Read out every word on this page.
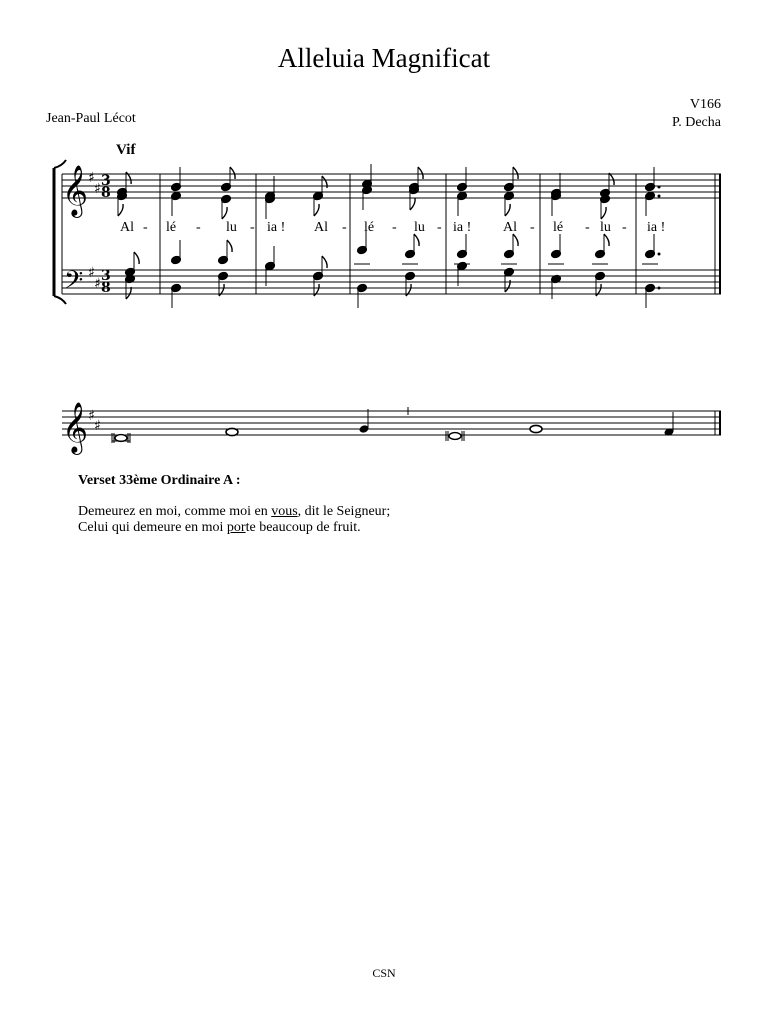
Alleluia Magnificat
Jean-Paul Lécot
V166
P. Decha
Vif
𝄞
𝄢
♯
♯
♯
♯
3
8
3
8
Al - lé - lu - ia ! Al - lé - lu - ia ! Al - lé - lu - ia !
𝄞 ♯
♯
Verset 33ème Ordinaire A :
Demeurez en moi, comme moi en vous, dit le Seigneur;
Celui qui demeure en moi porte beaucoup de fruit.
CSN
